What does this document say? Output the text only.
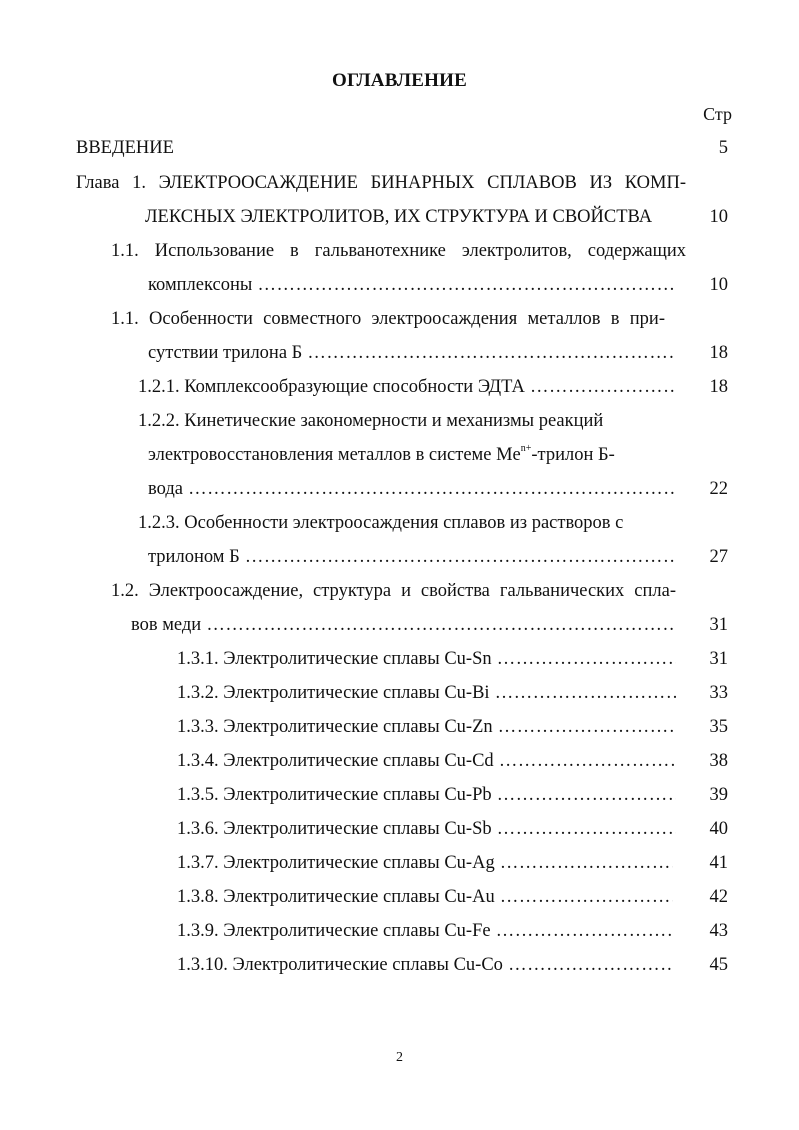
ОГЛАВЛЕНИЕ
Стр
ВВЕДЕНИЕ	5
Глава 1. ЭЛЕКТРООСАЖДЕНИЕ БИНАРНЫХ СПЛАВОВ ИЗ КОМП-
ЛЕКСНЫХ ЭЛЕКТРОЛИТОВ, ИХ СТРУКТУРА И СВОЙСТВА	10
1.1. Использование в гальванотехнике электролитов, содержащих
комплексоны ……………………………………………………………………………………………………………………………………………	10
1.1. Особенности совместного электроосаждения металлов в при-
сутствии трилона Б ……………………………………………………………………………………………………………………………………………	18
1.2.1. Комплексообразующие способности ЭДТА ……………………………………………………………………………………………………………………………………………	18
1.2.2. Кинетические закономерности и механизмы реакций
электровосстановления металлов в системе $Me^{n+}$-трилон Б-
вода ……………………………………………………………………………………………………………………………………………	22
1.2.3. Особенности электроосаждения сплавов из растворов с
трилоном Б ……………………………………………………………………………………………………………………………………………	27
1.2. Электроосаждение, структура и свойства гальванических спла-
вов меди ……………………………………………………………………………………………………………………………………………	31
1.3.1. Электролитические сплавы Cu-Sn ……………………………………………………………………………………………………………………………………………	31
1.3.2. Электролитические сплавы Cu-Bi ……………………………………………………………………………………………………………………………………………	33
1.3.3. Электролитические сплавы Cu-Zn ……………………………………………………………………………………………………………………………………………	35
1.3.4. Электролитические сплавы Cu-Cd ……………………………………………………………………………………………………………………………………………	38
1.3.5. Электролитические сплавы Cu-Pb ……………………………………………………………………………………………………………………………………………	39
1.3.6. Электролитические сплавы Cu-Sb ……………………………………………………………………………………………………………………………………………	40
1.3.7. Электролитические сплавы Cu-Ag ……………………………………………………………………………………………………………………………………………	41
1.3.8. Электролитические сплавы Cu-Au ……………………………………………………………………………………………………………………………………………	42
1.3.9. Электролитические сплавы Cu-Fe ……………………………………………………………………………………………………………………………………………	43
1.3.10. Электролитические сплавы Cu-Co ……………………………………………………………………………………………………………………………………………	45
2
